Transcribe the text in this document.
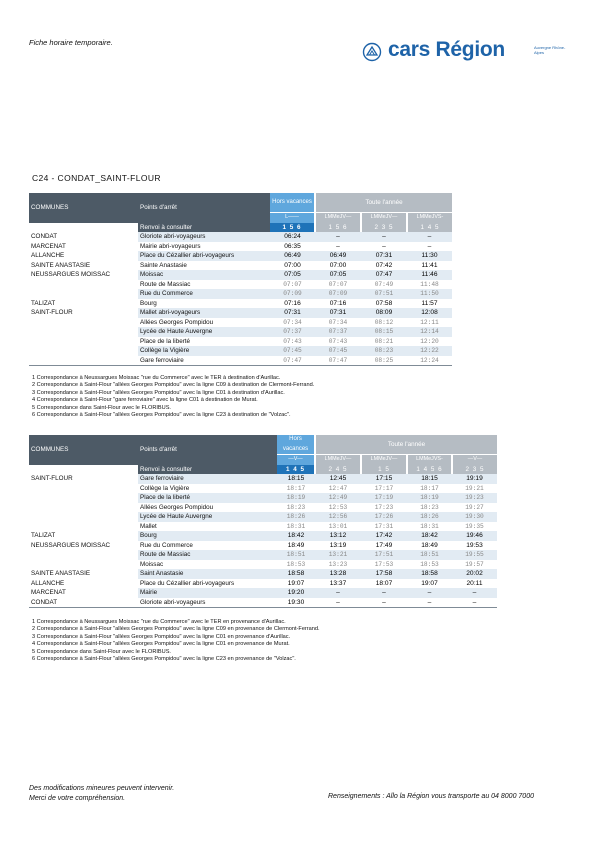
Fiche horaire temporaire.	cars Région	Auvergne Rhône-Alpes
C24 - CONDAT_SAINT-FLOUR
COMMUNES	Points d'arrêt	Hors vacances	Toute l'année		
		L——	LMMeJV—	LMMeJV—	LMMeJVS-
	Renvoi à consulter	1 5 6	1 5 6	2 3 5	1 4 5
CONDAT	Gloriote abri-voyageurs	06:24	–	–	–
MARCENAT	Mairie abri-voyageurs	06:35	–	–	–
ALLANCHE	Place du Cézallier abri-voyageurs	06:49	06:49	07:31	11:30
SAINTE ANASTASIE	Sainte Anastasie	07:00	07:00	07:42	11:41
NEUSSARGUES MOISSAC	Moissac	07:05	07:05	07:47	11:46
	Route de Massiac	07:07	07:07	07:49	11:48
	Rue du Commerce	07:09	07:09	07:51	11:50
TALIZAT	Bourg	07:16	07:16	07:58	11:57
SAINT-FLOUR	Mallet abri-voyageurs	07:31	07:31	08:09	12:08
	Allées Georges Pompidou	07:34	07:34	08:12	12:11
	Lycée de Haute Auvergne	07:37	07:37	08:15	12:14
	Place de la liberté	07:43	07:43	08:21	12:20
	Collège la Vigière	07:45	07:45	08:23	12:22
	Gare ferroviaire	07:47	07:47	08:25	12:24
1 Correspondance à Neussargues Moissac "rue du Commerce" avec le TER à destination d'Aurillac.
2 Correspondance à Saint-Flour "allées Georges Pompidou" avec la ligne C09 à destination de Clermont-Ferrand.
3 Correspondance à Saint-Flour "allées Georges Pompidou" avec la ligne C01 à destination d'Aurillac.
4 Correspondance à Saint-Flour "gare ferroviaire" avec la ligne C01 à destination de Murat.
5 Correspondance dans Saint-Flour avec le FLORIBUS.
6 Correspondance à Saint-Flour "allées Georges Pompidou" avec la ligne C23 à destination de "Volzac".
COMMUNES	Points d'arrêt	Hors vacances	Toute l'année			
		—V—	LMMeJV—	LMMeJV—	LMMeJVS-	—V—
	Renvoi à consulter	1 4 5	2 4 5	1 5	1 4 5 6	2 3 5
SAINT-FLOUR	Gare ferroviaire	18:15	12:45	17:15	18:15	19:19
	Collège la Vigière	18:17	12:47	17:17	18:17	19:21
	Place de la liberté	18:19	12:49	17:19	18:19	19:23
	Allées Georges Pompidou	18:23	12:53	17:23	18:23	19:27
	Lycée de Haute Auvergne	18:26	12:56	17:26	18:26	19:30
	Mallet	18:31	13:01	17:31	18:31	19:35
TALIZAT	Bourg	18:42	13:12	17:42	18:42	19:46
NEUSSARGUES MOISSAC	Rue du Commerce	18:49	13:19	17:49	18:49	19:53
	Route de Massiac	18:51	13:21	17:51	18:51	19:55
	Moissac	18:53	13:23	17:53	18:53	19:57
SAINTE ANASTASIE	Saint Anastasie	18:58	13:28	17:58	18:58	20:02
ALLANCHE	Place du Cézallier abri-voyageurs	19:07	13:37	18:07	19:07	20:11
MARCENAT	Mairie	19:20	–	–	–	–
CONDAT	Gloriote abri-voyageurs	19:30	–	–	–	–
1 Correspondance à Neussargues Moissac "rue du Commerce" avec le TER en provenance d'Aurillac.
2 Correspondance à Saint-Flour "allées Georges Pompidou" avec la ligne C09 en provenance de Clermont-Ferrand.
3 Correspondance à Saint-Flour "allées Georges Pompidou" avec la ligne C01 en provenance d'Aurillac.
4 Correspondance à Saint-Flour "allées Georges Pompidou" avec la ligne C01 en provenance de Murat.
5 Correspondance dans Saint-Flour avec le FLORIBUS.
6 Correspondance à Saint-Flour "allées Georges Pompidou" avec la ligne C23 en provenance de "Volzac".
Des modifications mineures peuvent intervenir.
Merci de votre compréhension.	Renseignements : Allo la Région vous transporte au 04 8000 7000
